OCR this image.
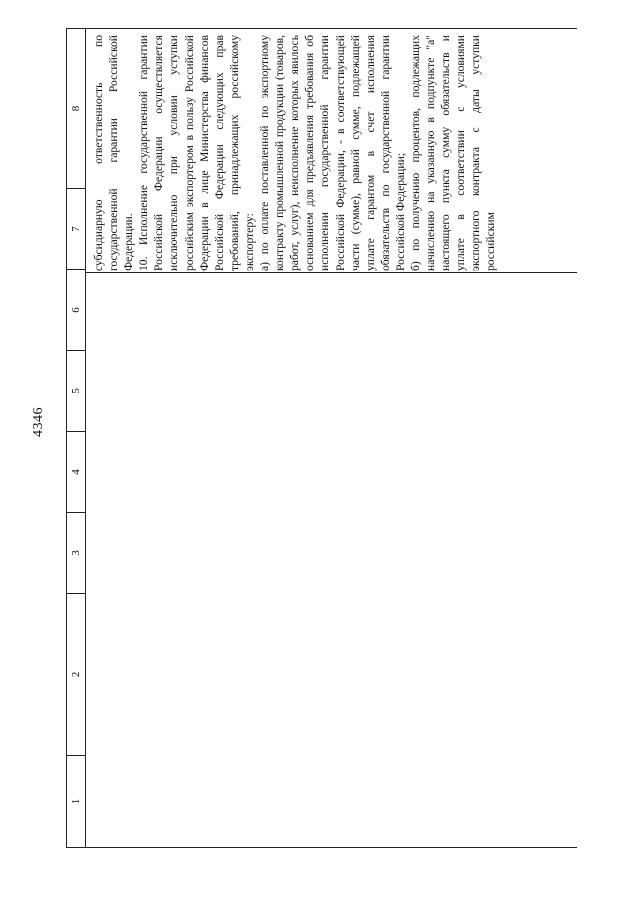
4346
1
2
3
4
5
6
7
8 субсидиарную ответственность по государственной гарантии Российской Федерации. 10. Исполнение государственной гарантии Российской Федерации осуществляется исключительно при условии уступки российским экспортером в пользу Российской Федерации в лице Министерства финансов Российской Федерации следующих прав требований, принадлежащих российскому экспортеру: а) по оплате поставленной по экспортному контракту промышленной продукции (товаров, работ, услуг), неисполнение которых явилось основанием для предъявления требования об исполнении государственной гарантии Российской Федерации, - в соответствующей части (сумме), равной сумме, подлежащей уплате гарантом в счет исполнения обязательств по государственной гарантии Российской Федерации; б) по получению процентов, подлежащих начислению на указанную в подпункте "а" настоящего пункта сумму обязательств и уплате в соответствии с условиями экспортного контракта с даты уступки российским
